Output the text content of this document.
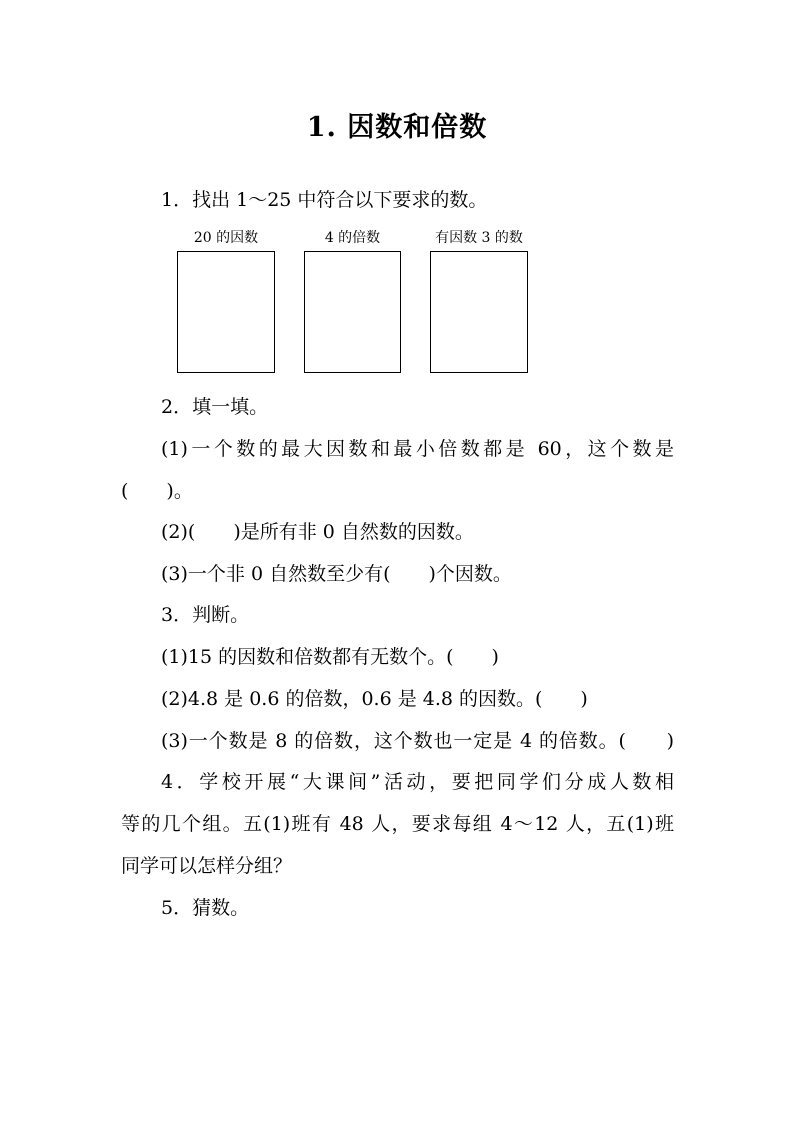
1. 因数和倍数
1．找出 1～25 中符合以下要求的数。
20 的因数	4 的倍数	有因数 3 的数
2．填一填。
(1)一个数的最大因数和最小倍数都是 60，这个数是
(　　)。
(2)(　　)是所有非 0 自然数的因数。
(3)一个非 0 自然数至少有(　　)个因数。
3．判断。
(1)15 的因数和倍数都有无数个。(　　)
(2)4.8 是 0.6 的倍数，0.6 是 4.8 的因数。(　　)
(3)一个数是 8 的倍数，这个数也一定是 4 的倍数。(　　)
4．学校开展“大课间”活动，要把同学们分成人数相
等的几个组。五(1)班有 48 人，要求每组 4～12 人，五(1)班
同学可以怎样分组？
5．猜数。
